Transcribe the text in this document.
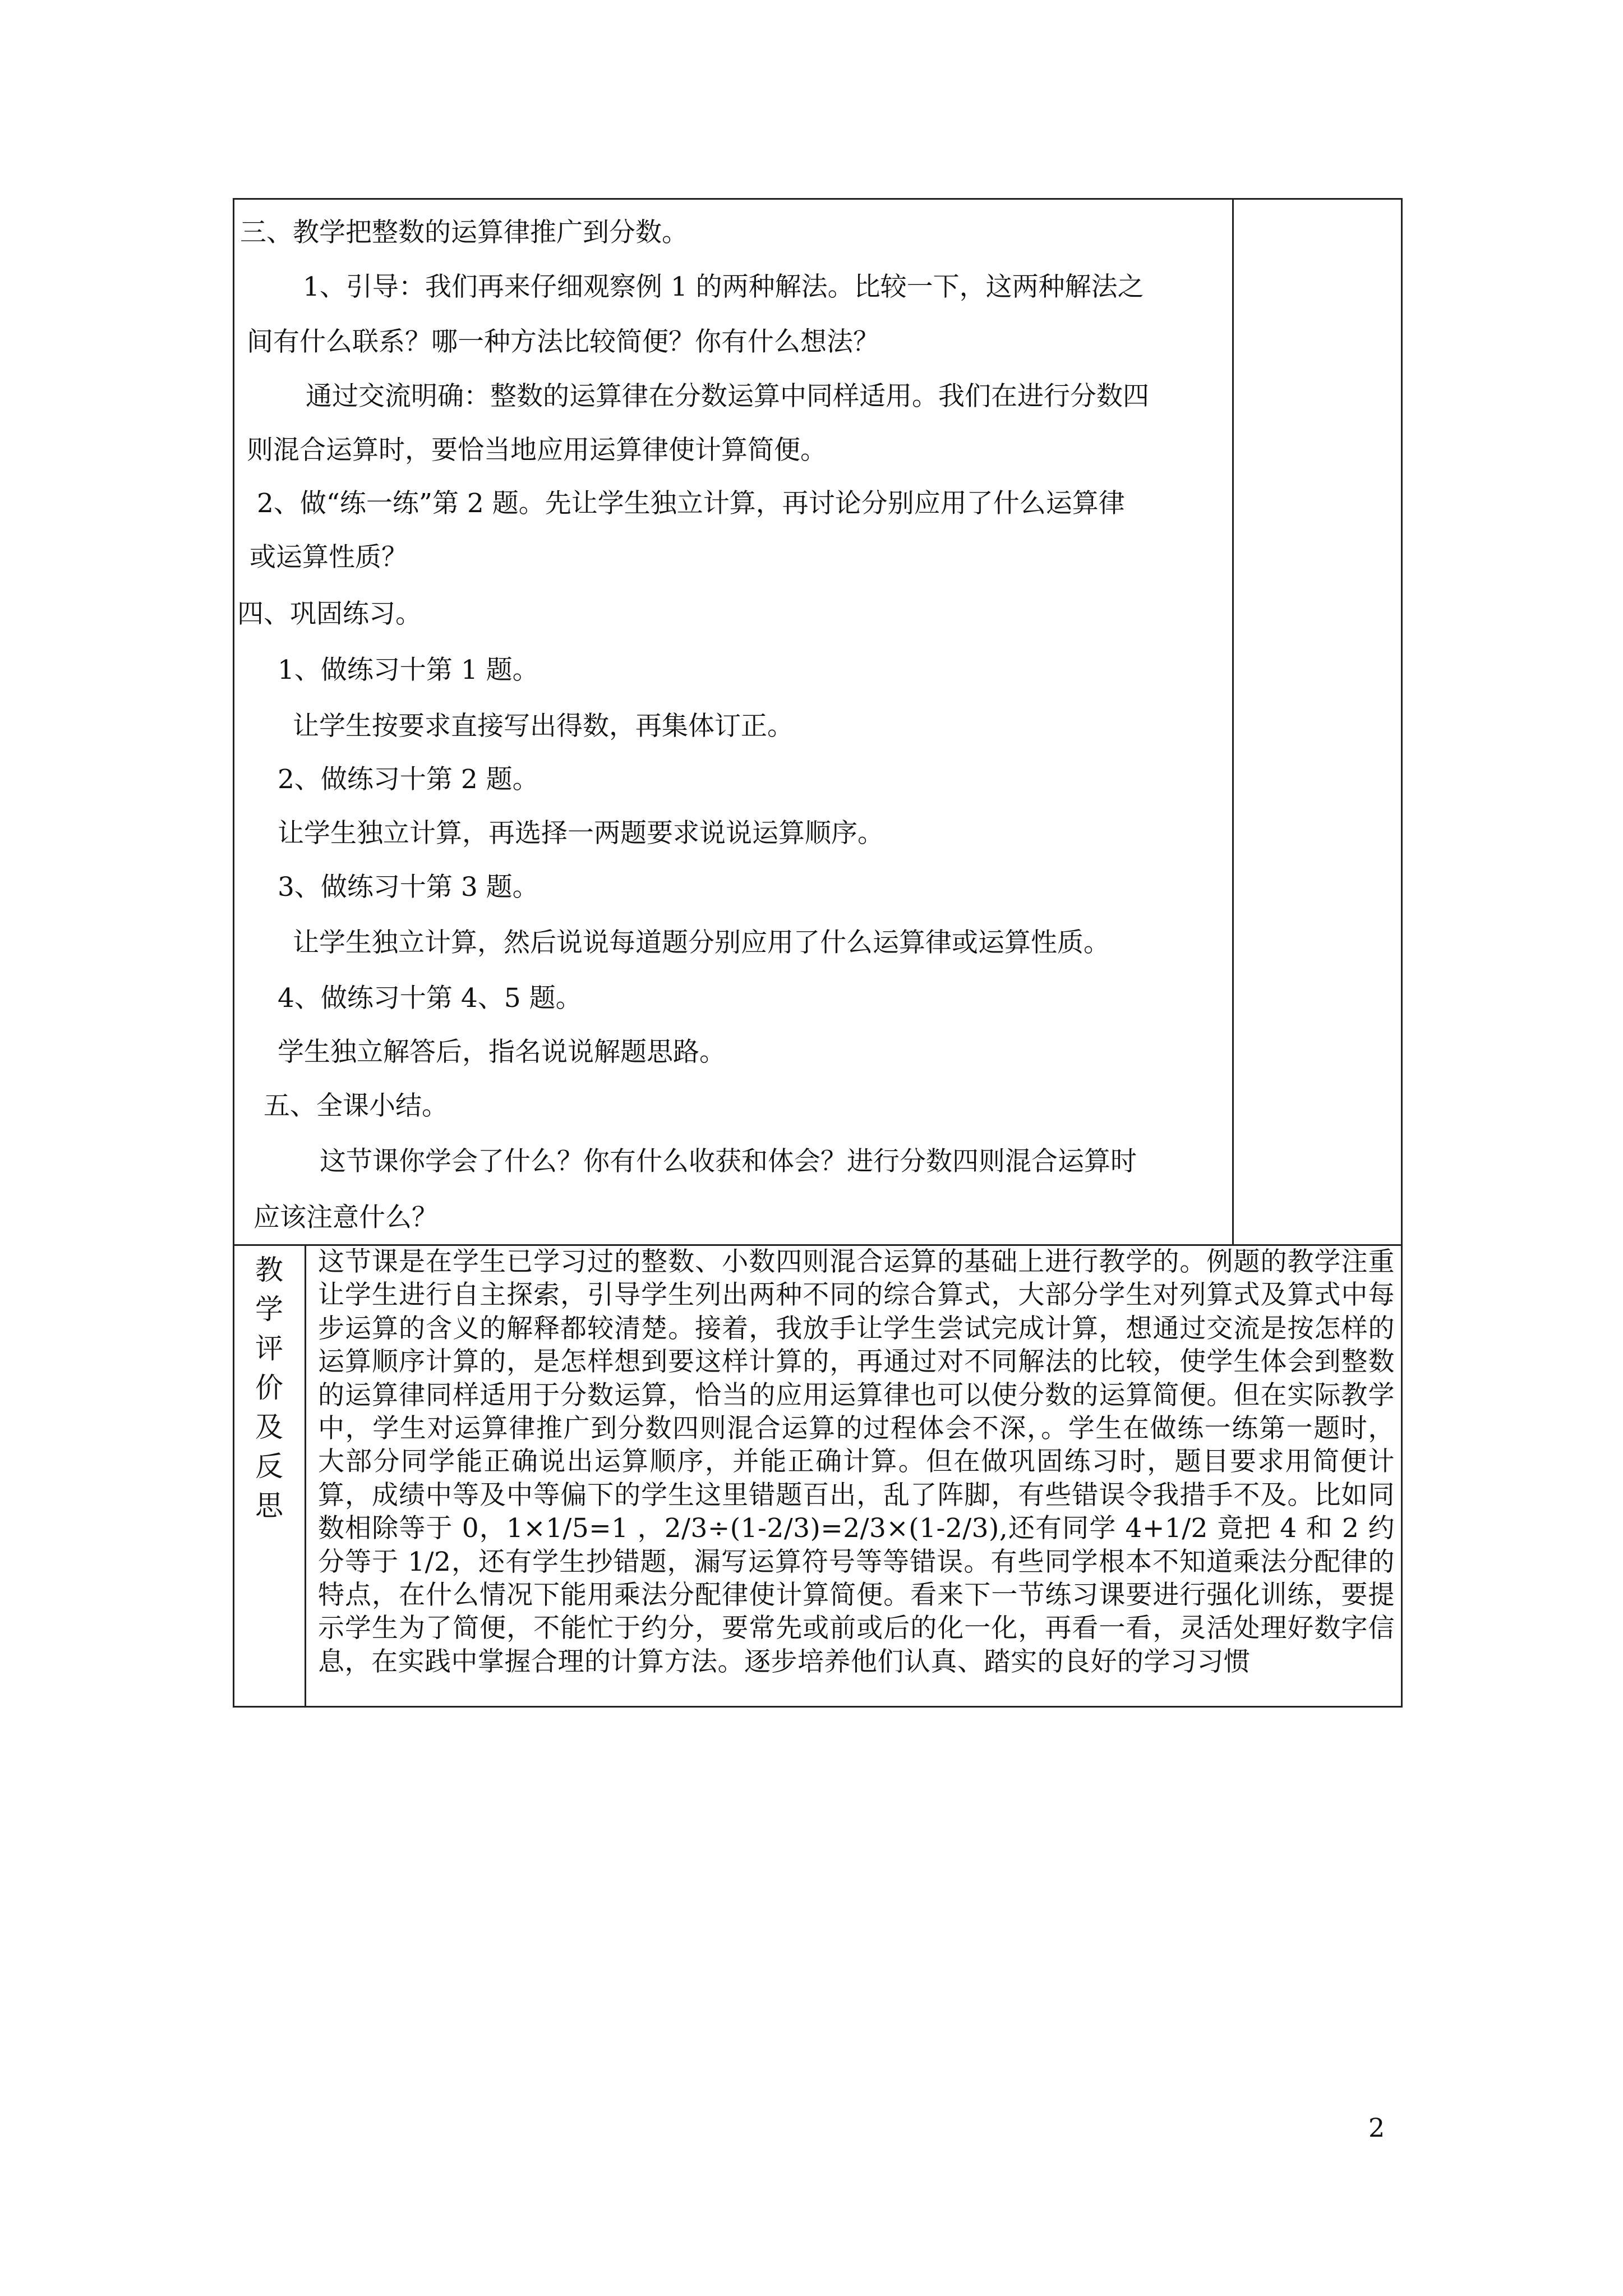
三、教学把整数的运算律推广到分数。
1、引导：我们再来仔细观察例 1 的两种解法。比较一下，这两种解法之
间有什么联系？哪一种方法比较简便？你有什么想法？
通过交流明确：整数的运算律在分数运算中同样适用。我们在进行分数四
则混合运算时，要恰当地应用运算律使计算简便。
2、做“练一练”第 2 题。先让学生独立计算，再讨论分别应用了什么运算律
或运算性质？
四、巩固练习。
1、做练习十第 1 题。
让学生按要求直接写出得数，再集体订正。
2、做练习十第 2 题。
让学生独立计算，再选择一两题要求说说运算顺序。
3、做练习十第 3 题。
让学生独立计算，然后说说每道题分别应用了什么运算律或运算性质。
4、做练习十第 4、5 题。
学生独立解答后，指名说说解题思路。
五、全课小结。
这节课你学会了什么？你有什么收获和体会？进行分数四则混合运算时
应该注意什么？
教
学
评
价
及
反
思
这节课是在学生已学习过的整数、小数四则混合运算的基础上进行教学的。例题的教学注重让学生进行自主探索，引导学生列出两种不同的综合算式，大部分学生对列算式及算式中每步运算的含义的解释都较清楚。接着，我放手让学生尝试完成计算，想通过交流是按怎样的运算顺序计算的，是怎样想到要这样计算的，再通过对不同解法的比较，使学生体会到整数的运算律同样适用于分数运算，恰当的应用运算律也可以使分数的运算简便。但在实际教学中，学生对运算律推广到分数四则混合运算的过程体会不深，。学生在做练一练第一题时，大部分同学能正确说出运算顺序，并能正确计算。但在做巩固练习时，题目要求用简便计算，成绩中等及中等偏下的学生这里错题百出，乱了阵脚，有些错误令我措手不及。比如同数相除等于 0，1×1/5=1 ，2/3÷(1-2/3)=2/3×(1-2/3),还有同学 4+1/2 竟把 4 和 2 约分等于 1/2，还有学生抄错题，漏写运算符号等等错误。有些同学根本不知道乘法分配律的特点，在什么情况下能用乘法分配律使计算简便。看来下一节练习课要进行强化训练，要提示学生为了简便，不能忙于约分，要常先或前或后的化一化，再看一看，灵活处理好数字信息，在实践中掌握合理的计算方法。逐步培养他们认真、踏实的良好的学习习惯
2
